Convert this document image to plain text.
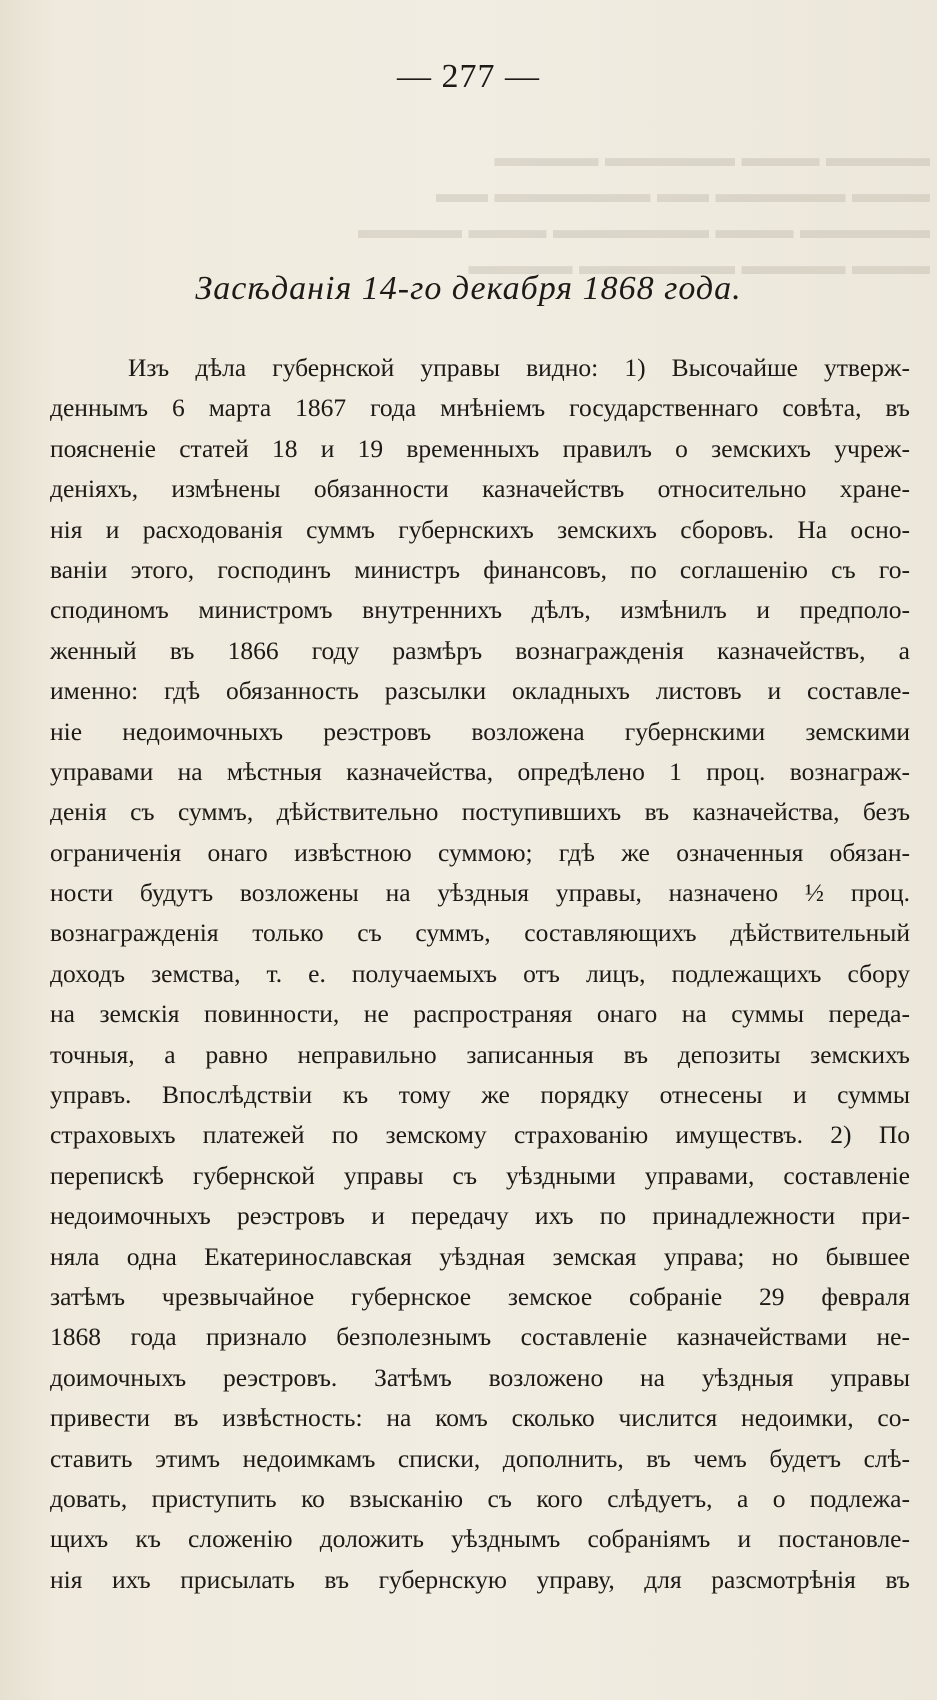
▬▬▬▬ ▬▬▬ ▬▬▬▬▬ ▬▬▬▬
▬▬▬ ▬▬▬▬▬ ▬▬ ▬▬▬▬▬▬ ▬▬
▬▬▬▬▬ ▬▬▬ ▬▬▬▬▬▬ ▬▬▬ ▬▬▬▬
▬▬▬ ▬▬▬▬ ▬▬▬▬▬▬ ▬▬▬▬
— 277 —
Засѣданія 14-го декабря 1868 года.
Изъ дѣла губернской управы видно: 1) Высочайше утверж-
деннымъ 6 марта 1867 года мнѣніемъ государственнаго совѣта, въ
поясненіе статей 18 и 19 временныхъ правилъ о земскихъ учреж-
деніяхъ, измѣнены обязанности казначействъ относительно хране-
нія и расходованія суммъ губернскихъ земскихъ сборовъ. На осно-
ваніи этого, господинъ министръ финансовъ, по соглашенію съ го-
сподиномъ министромъ внутреннихъ дѣлъ, измѣнилъ и предполо-
женный въ 1866 году размѣръ вознагражденія казначействъ, а
именно: гдѣ обязанность разсылки окладныхъ листовъ и составле-
ніе недоимочныхъ реэстровъ возложена губернскими земскими
управами на мѣстныя казначейства, опредѣлено 1 проц. вознаграж-
денія съ суммъ, дѣйствительно поступившихъ въ казначейства, безъ
ограниченія онаго извѣстною суммою; гдѣ же означенныя обязан-
ности будутъ возложены на уѣздныя управы, назначено ½ проц.
вознагражденія только съ суммъ, составляющихъ дѣйствительный
доходъ земства, т. е. получаемыхъ отъ лицъ, подлежащихъ сбору
на земскія повинности, не распространяя онаго на суммы переда-
точныя, а равно неправильно записанныя въ депозиты земскихъ
управъ. Впослѣдствіи къ тому же порядку отнесены и суммы
страховыхъ платежей по земскому страхованію имуществъ. 2) По
перепискѣ губернской управы съ уѣздными управами, составленіе
недоимочныхъ реэстровъ и передачу ихъ по принадлежности при-
няла одна Екатеринославская уѣздная земская управа; но бывшее
затѣмъ чрезвычайное губернское земское собраніе 29 февраля
1868 года признало безполезнымъ составленіе казначействами не-
доимочныхъ реэстровъ. Затѣмъ возложено на уѣздныя управы
привести въ извѣстность: на комъ сколько числится недоимки, со-
ставить этимъ недоимкамъ списки, дополнить, въ чемъ будетъ слѣ-
довать, приступить ко взысканію съ кого слѣдуетъ, а о подлежа-
щихъ къ сложенію доложить уѣзднымъ собраніямъ и постановле-
нія ихъ присылать въ губернскую управу, для разсмотрѣнія въ
